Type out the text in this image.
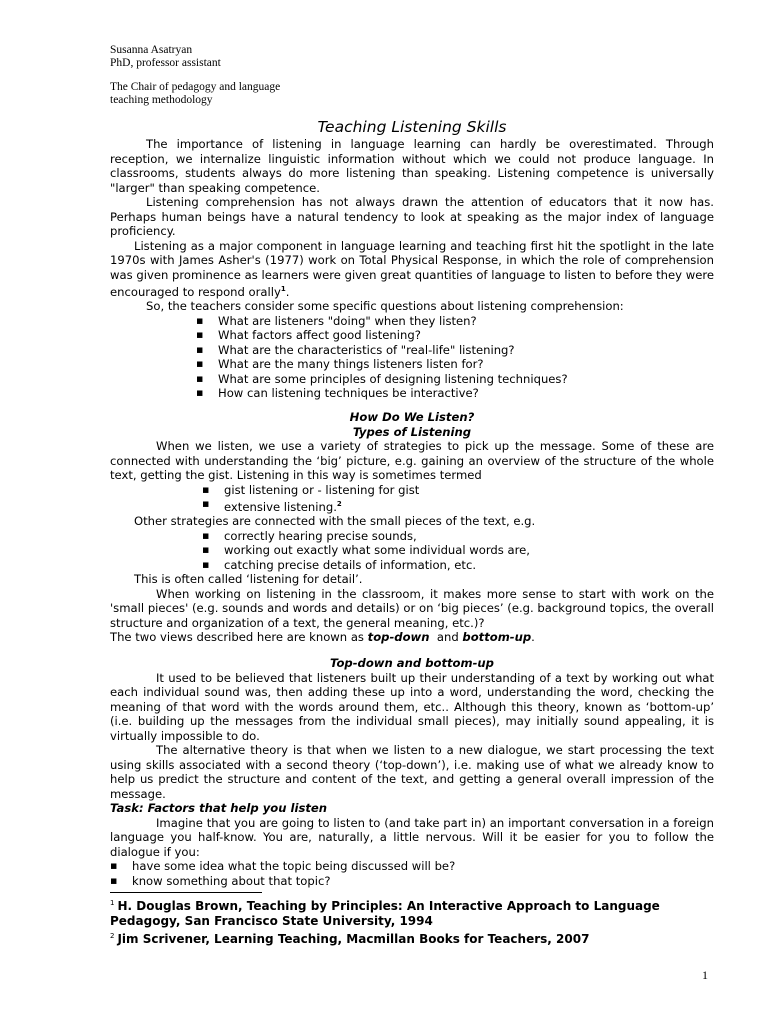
Susanna Asatryan
PhD, professor assistant
The Chair of pedagogy and language
teaching methodology
Teaching Listening Skills

The importance of listening in language learning can hardly be overestimated. Through reception, we internalize linguistic information without which we could not produce language. In classrooms, students always do more listening than speaking. Listening competence is universally "larger" than speaking competence.

Listening comprehension has not always drawn the attention of educators that it now has. Perhaps human beings have a natural tendency to look at speaking as the major index of language proficiency.

Listening as a major component in language learning and teaching first hit the spotlight in the late 1970s with James Asher's (1977) work on Total Physical Response, in which the role of comprehension was given prominence as learners were given great quantities of language to listen to before they were encouraged to respond orally$^1$.

So, the teachers consider some specific questions about listening comprehension:

▪ What are listeners "doing" when they listen?
▪ What factors affect good listening?
▪ What are the characteristics of "real-life" listening?
▪ What are the many things listeners listen for?
▪ What are some principles of designing listening techniques?
▪ How can listening techniques be interactive?

How Do We Listen?

Types of Listening

When we listen, we use a variety of strategies to pick up the message. Some of these are connected with understanding the ‘big’ picture, e.g. gaining an overview of the structure of the whole text, getting the gist. Listening in this way is sometimes termed

▪ gist listening or - listening for gist
▪ extensive listening.$^2$

Other strategies are connected with the small pieces of the text, e.g.

▪ correctly hearing precise sounds,
▪ working out exactly what some individual words are,
▪ catching precise details of information, etc.

This is often called ‘listening for detail’.

When working on listening in the classroom, it makes more sense to start with work on the 'small pieces' (e.g. sounds and words and details) or on ‘big pieces’ (e.g. background topics, the overall structure and organization of a text, the general meaning, etc.)?

The two views described here are known as top-down  and bottom-up.

Top-down and bottom-up

It used to be believed that listeners built up their understanding of a text by working out what each individual sound was, then adding these up into a word, understanding the word, checking the meaning of that word with the words around them, etc.. Although this theory, known as ‘bottom-up’ (i.e. building up the messages from the individual small pieces), may initially sound appealing, it is virtually impossible to do.

The alternative theory is that when we listen to a new dialogue, we start processing the text using skills associated with a second theory (‘top-down’), i.e. making use of what we already know to help us predict the structure and content of the text, and getting a general overall impression of the message.

Task: Factors that help you listen

Imagine that you are going to listen to (and take part in) an important conversation in a foreign language you half-know. You are, naturally, a little nervous. Will it be easier for you to follow the dialogue if you:

▪ have some idea what the topic being discussed will be?
▪ know something about that topic?

$^1$ H. Douglas Brown, Teaching by Principles: An Interactive Approach to Language Pedagogy, San Francisco State University, 1994

$^2$ Jim Scrivener, Learning Teaching, Macmillan Books for Teachers, 2007

1
